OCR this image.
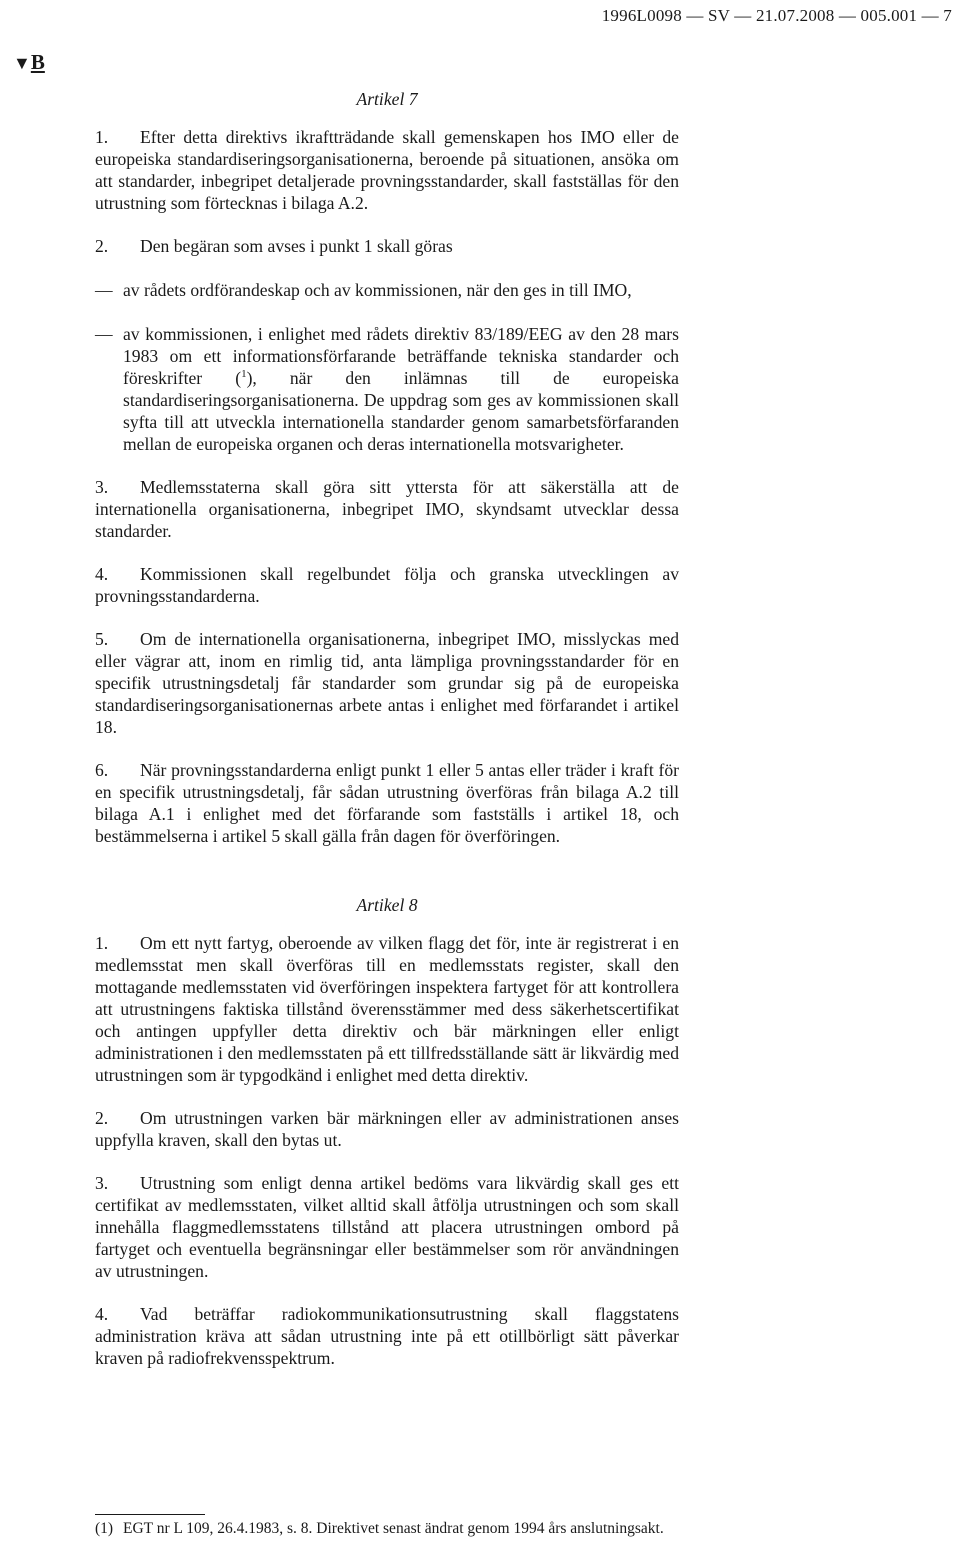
1996L0098 — SV — 21.07.2008 — 005.001 — 7
▼B

Artikel 7

1. Efter detta direktivs ikraftträdande skall gemenskapen hos IMO eller de europeiska standardiseringsorganisationerna, beroende på situationen, ansöka om att standarder, inbegripet detaljerade provningsstandarder, skall fastställas för den utrustning som förtecknas i bilaga A.2.

2. Den begäran som avses i punkt 1 skall göras

— av rådets ordförandeskap och av kommissionen, när den ges in till IMO,
— av kommissionen, i enlighet med rådets direktiv 83/189/EEG av den 28 mars 1983 om ett informationsförfarande beträffande tekniska standarder och föreskrifter ($^1$), när den inlämnas till de europeiska standardiseringsorganisationerna. De uppdrag som ges av kommissionen skall syfta till att utveckla internationella standarder genom samarbetsförfaranden mellan de europeiska organen och deras internationella motsvarigheter.

3. Medlemsstaterna skall göra sitt yttersta för att säkerställa att de internationella organisationerna, inbegripet IMO, skyndsamt utvecklar dessa standarder.

4. Kommissionen skall regelbundet följa och granska utvecklingen av provningsstandarderna.

5. Om de internationella organisationerna, inbegripet IMO, misslyckas med eller vägrar att, inom en rimlig tid, anta lämpliga provningsstandarder för en specifik utrustningsdetalj får standarder som grundar sig på de europeiska standardiseringsorganisationernas arbete antas i enlighet med förfarandet i artikel 18.

6. När provningsstandarderna enligt punkt 1 eller 5 antas eller träder i kraft för en specifik utrustningsdetalj, får sådan utrustning överföras från bilaga A.2 till bilaga A.1 i enlighet med det förfarande som fastställs i artikel 18, och bestämmelserna i artikel 5 skall gälla från dagen för överföringen.

Artikel 8

1. Om ett nytt fartyg, oberoende av vilken flagg det för, inte är registrerat i en medlemsstat men skall överföras till en medlemsstats register, skall den mottagande medlemsstaten vid överföringen inspektera fartyget för att kontrollera att utrustningens faktiska tillstånd överensstämmer med dess säkerhetscertifikat och antingen uppfyller detta direktiv och bär märkningen eller enligt administrationen i den medlemsstaten på ett tillfredsställande sätt är likvärdig med utrustningen som är typgodkänd i enlighet med detta direktiv.

2. Om utrustningen varken bär märkningen eller av administrationen anses uppfylla kraven, skall den bytas ut.

3. Utrustning som enligt denna artikel bedöms vara likvärdig skall ges ett certifikat av medlemsstaten, vilket alltid skall åtfölja utrustningen och som skall innehålla flaggmedlemsstatens tillstånd att placera utrustningen ombord på fartyget och eventuella begränsningar eller bestämmelser som rör användningen av utrustningen.

4. Vad beträffar radiokommunikationsutrustning skall flaggstatens administration kräva att sådan utrustning inte på ett otillbörligt sätt påverkar kraven på radiofrekvensspektrum.

(1) EGT nr L 109, 26.4.1983, s. 8. Direktivet senast ändrat genom 1994 års anslutningsakt.
